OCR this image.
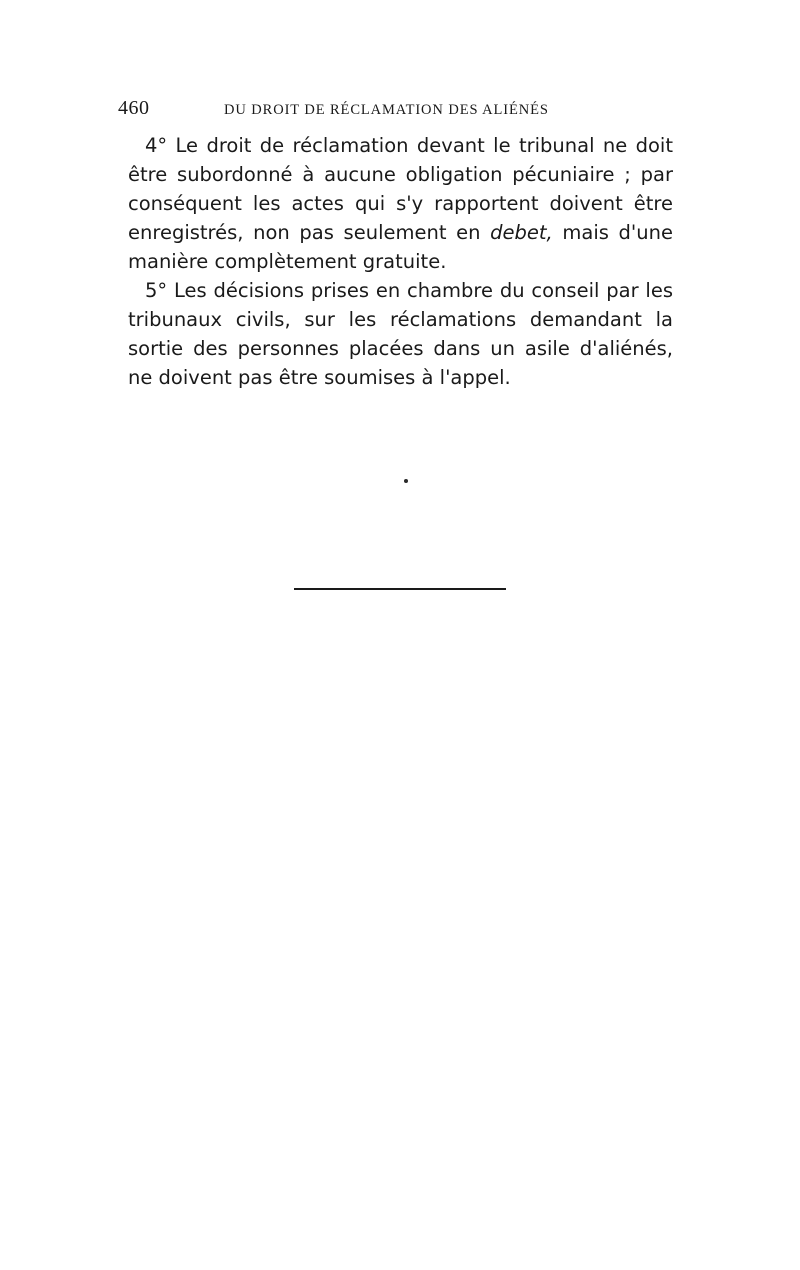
460	DU DROIT DE RÉCLAMATION DES ALIÉNÉS

4° Le droit de réclamation devant le tribunal ne doit être subordonné à aucune obligation pécuniaire ; par conséquent les actes qui s'y rapportent doivent être enregistrés, non pas seulement en debet, mais d'une manière complètement gratuite.

5° Les décisions prises en chambre du conseil par les tribunaux civils, sur les réclamations demandant la sortie des personnes placées dans un asile d'aliénés, ne doivent pas être soumises à l'appel.
